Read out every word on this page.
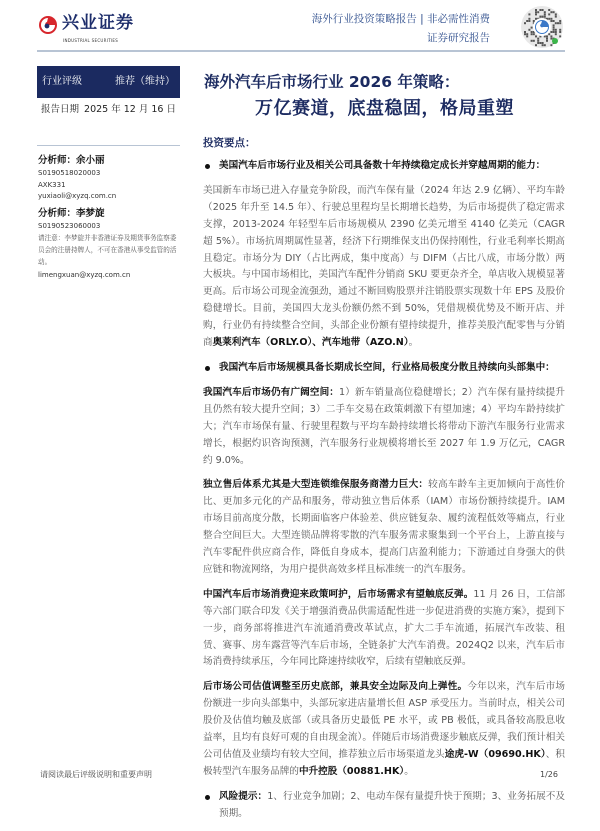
兴业证券
INDUSTRIAL SECURITIES
海外行业投资策略报告 | 非必需性消费
证券研究报告
行业评级	推荐（维持）
报告日期 2025 年 12 月 16 日
海外汽车后市场行业 2026 年策略：
万亿赛道，底盘稳固，格局重塑
投资要点：
分析师：余小丽
S0190518020003
AXK331
yuxiaoli@xyzq.com.cn
分析师：李梦旋
S0190523060003
请注意：李梦旋并非香港证券及期货事务监察委员会的注册持牌人，不可在香港从事受监管的活动。
limengxuan@xyzq.com.cn
美国汽车后市场行业及相关公司具备数十年持续稳定成长并穿越周期的能力：
美国新车市场已进入存量竞争阶段，而汽车保有量（2024 年达 2.9 亿辆）、平均车龄（2025 年升至 14.5 年）、行驶总里程均呈长期增长趋势，为后市场提供了稳定需求支撑，2013-2024 年轻型车后市场规模从 2390 亿美元增至 4140 亿美元（CAGR 超 5%）。市场抗周期属性显著，经济下行期维保支出仍保持刚性，行业毛利率长期高且稳定。市场分为 DIY（占比两成，集中度高）与 DIFM（占比八成，市场分散）两大板块。与中国市场相比，美国汽车配件分销商 SKU 要更杂齐全，单店收入规模显著更高。后市场公司现金流强劲，通过不断回购股票并注销股票实现数十年 EPS 及股价稳健增长。目前，美国四大龙头份额仍然不到 50%，凭借规模优势及不断开店、并购，行业仍有持续整合空间，头部企业份额有望持续提升，推荐美股汽配零售与分销商奥莱利汽车（ORLY.O）、汽车地带（AZO.N）。
我国汽车后市场规模具备长期成长空间，行业格局极度分散且持续向头部集中：
我国汽车后市场仍有广阔空间：1）新车销量高位稳健增长；2）汽车保有量持续提升且仍然有较大提升空间；3）二手车交易在政策刺激下有望加速；4）平均车龄持续扩大；汽车市场保有量、行驶里程数与平均车龄持续增长将带动下游汽车服务行业需求增长，根据灼识咨询预测，汽车服务行业规模将增长至 2027 年 1.9 万亿元，CAGR 约 9.0%。
独立售后体系尤其是大型连锁维保服务商潜力巨大：较高车龄车主更加倾向于高性价比、更加多元化的产品和服务，带动独立售后体系（IAM）市场份额持续提升。IAM 市场目前高度分散，长期面临客户体验差、供应链复杂、履约流程低效等痛点，行业整合空间巨大。大型连锁品牌将零散的汽车服务需求聚集到一个平台上，上游直接与汽车零配件供应商合作，降低自身成本，提高门店盈利能力；下游通过自身强大的供应链和物流网络，为用户提供高效多样且标准统一的汽车服务。
中国汽车后市场消费迎来政策呵护，后市场需求有望触底反弹。11 月 26 日，工信部等六部门联合印发《关于增强消费品供需适配性进一步促进消费的实施方案》，提到下一步，商务部将推进汽车流通消费改革试点，扩大二手车流通，拓展汽车改装、租赁、赛事、房车露营等汽车后市场，全链条扩大汽车消费。2024Q2 以来，汽车后市场消费持续承压，今年同比降速持续收窄，后续有望触底反弹。
后市场公司估值调整至历史底部，兼具安全边际及向上弹性。今年以来，汽车后市场份额进一步向头部集中，头部玩家进店量增长但 ASP 承受压力。当前时点，相关公司股价及估值均触及底部（或具备历史最低 PE 水平，或 PB 极低，或具备较高股息收益率，且均有良好可观的自由现金流）。伴随后市场消费逐步触底反弹，我们预计相关公司估值及业绩均有较大空间，推荐独立后市场渠道龙头途虎-W（09690.HK）、积极转型汽车服务品牌的中升控股（00881.HK）。
风险提示：1、行业竞争加剧；2、电动车保有量提升快于预期；3、业务拓展不及预期。
请阅读最后评级说明和重要声明	1/26
